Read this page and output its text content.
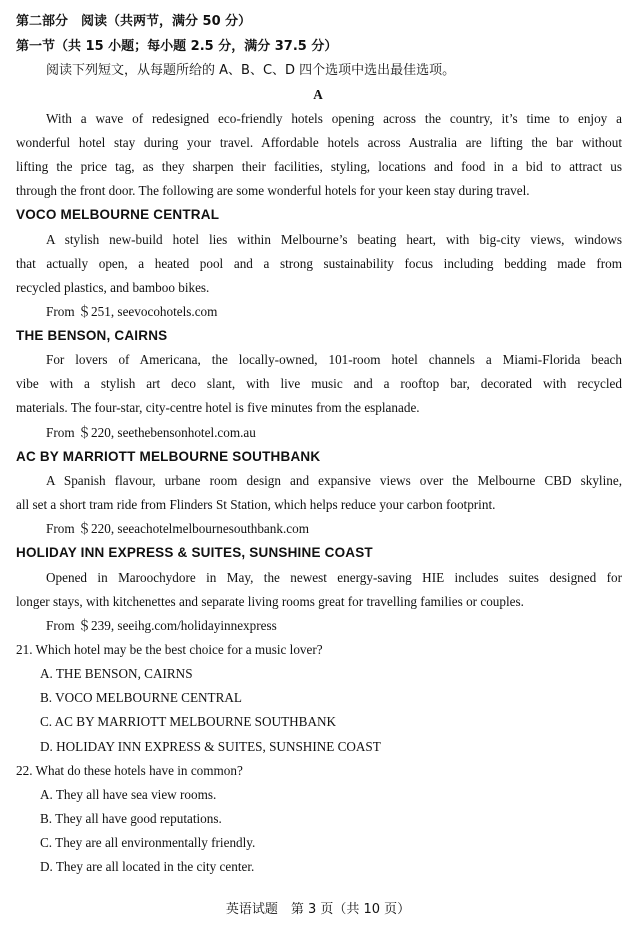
第二部分　阅读（共两节，满分 50 分）
第一节（共 15 小题；每小题 2.5 分，满分 37.5 分）
阅读下列短文，从每题所给的 A、B、C、D 四个选项中选出最佳选项。
A
With a wave of redesigned eco-friendly hotels opening across the country, it’s time to enjoy a
wonderful hotel stay during your travel. Affordable hotels across Australia are lifting the bar without
lifting the price tag, as they sharpen their facilities, styling, locations and food in a bid to attract us
through the front door. The following are some wonderful hotels for your keen stay during travel.
VOCO MELBOURNE CENTRAL
A stylish new-build hotel lies within Melbourne’s beating heart, with big-city views, windows
that actually open, a heated pool and a strong sustainability focus including bedding made from
recycled plastics, and bamboo bikes.
From ＄251, seevocohotels.com
THE BENSON, CAIRNS
For lovers of Americana, the locally-owned, 101-room hotel channels a Miami-Florida beach
vibe with a stylish art deco slant, with live music and a rooftop bar, decorated with recycled
materials. The four-star, city-centre hotel is five minutes from the esplanade.
From ＄220, seethebensonhotel.com.au
AC BY MARRIOTT MELBOURNE SOUTHBANK
A Spanish flavour, urbane room design and expansive views over the Melbourne CBD skyline,
all set a short tram ride from Flinders St Station, which helps reduce your carbon footprint.
From ＄220, seeachotelmelbournesouthbank.com
HOLIDAY INN EXPRESS & SUITES, SUNSHINE COAST
Opened in Maroochydore in May, the newest energy-saving HIE includes suites designed for
longer stays, with kitchenettes and separate living rooms great for travelling families or couples.
From ＄239, seeihg.com/holidayinnexpress
21. Which hotel may be the best choice for a music lover?
A. THE BENSON, CAIRNS
B. VOCO MELBOURNE CENTRAL
C. AC BY MARRIOTT MELBOURNE SOUTHBANK
D. HOLIDAY INN EXPRESS & SUITES, SUNSHINE COAST
22. What do these hotels have in common?
A. They all have sea view rooms.
B. They all have good reputations.
C. They are all environmentally friendly.
D. They are all located in the city center.
英语试题　第 3 页（共 10 页）
